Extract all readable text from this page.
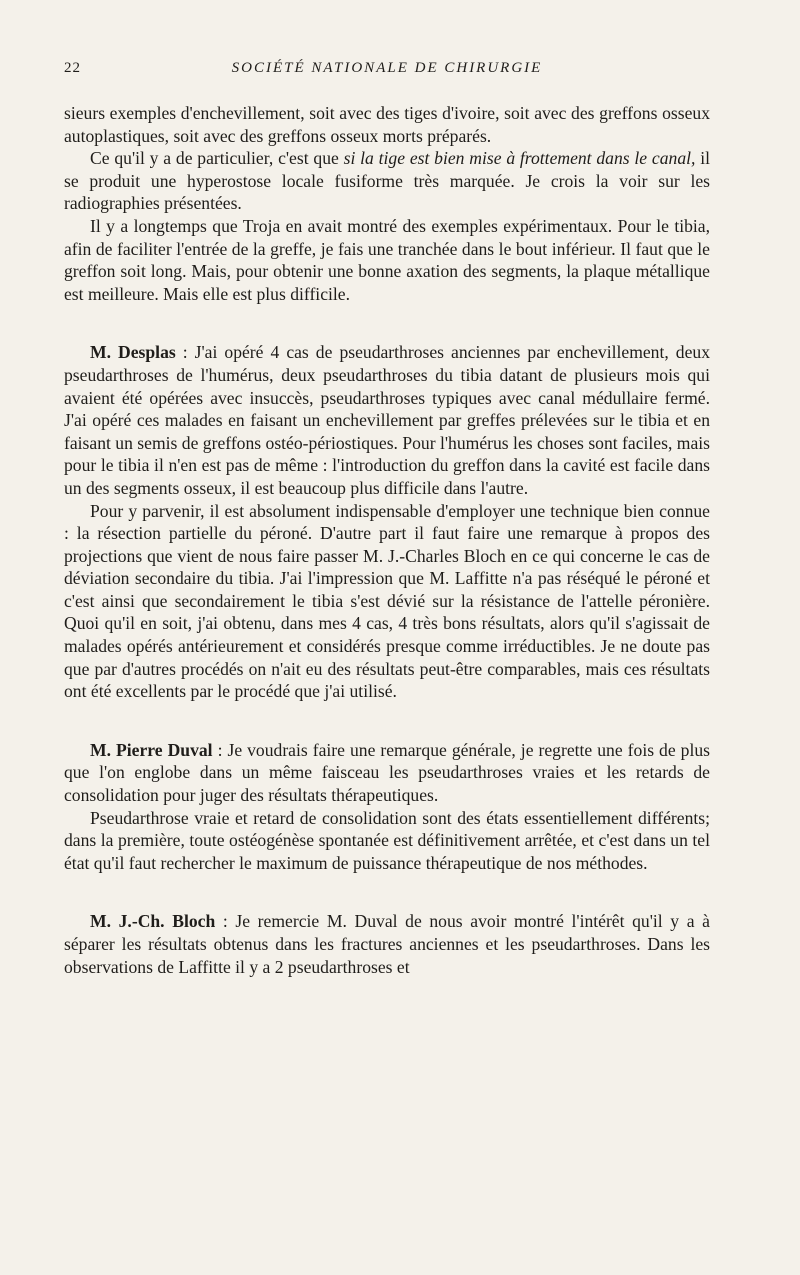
22	SOCIÉTÉ NATIONALE DE CHIRURGIE

sieurs exemples d'enchevillement, soit avec des tiges d'ivoire, soit avec des greffons osseux autoplastiques, soit avec des greffons osseux morts préparés.

Ce qu'il y a de particulier, c'est que si la tige est bien mise à frottement dans le canal, il se produit une hyperostose locale fusiforme très marquée. Je crois la voir sur les radiographies présentées.

Il y a longtemps que Troja en avait montré des exemples expérimentaux. Pour le tibia, afin de faciliter l'entrée de la greffe, je fais une tranchée dans le bout inférieur. Il faut que le greffon soit long. Mais, pour obtenir une bonne axation des segments, la plaque métallique est meilleure. Mais elle est plus difficile.

M. Desplas : J'ai opéré 4 cas de pseudarthroses anciennes par enchevillement, deux pseudarthroses de l'humérus, deux pseudarthroses du tibia datant de plusieurs mois qui avaient été opérées avec insuccès, pseudarthroses typiques avec canal médullaire fermé. J'ai opéré ces malades en faisant un enchevillement par greffes prélevées sur le tibia et en faisant un semis de greffons ostéo-périostiques. Pour l'humérus les choses sont faciles, mais pour le tibia il n'en est pas de même : l'introduction du greffon dans la cavité est facile dans un des segments osseux, il est beaucoup plus difficile dans l'autre.

Pour y parvenir, il est absolument indispensable d'employer une technique bien connue : la résection partielle du péroné. D'autre part il faut faire une remarque à propos des projections que vient de nous faire passer M. J.-Charles Bloch en ce qui concerne le cas de déviation secondaire du tibia. J'ai l'impression que M. Laffitte n'a pas réséqué le péroné et c'est ainsi que secondairement le tibia s'est dévié sur la résistance de l'attelle péronière. Quoi qu'il en soit, j'ai obtenu, dans mes 4 cas, 4 très bons résultats, alors qu'il s'agissait de malades opérés antérieurement et considérés presque comme irréductibles. Je ne doute pas que par d'autres procédés on n'ait eu des résultats peut-être comparables, mais ces résultats ont été excellents par le procédé que j'ai utilisé.

M. Pierre Duval : Je voudrais faire une remarque générale, je regrette une fois de plus que l'on englobe dans un même faisceau les pseudarthroses vraies et les retards de consolidation pour juger des résultats thérapeutiques.

Pseudarthrose vraie et retard de consolidation sont des états essentiellement différents; dans la première, toute ostéogénèse spontanée est définitivement arrêtée, et c'est dans un tel état qu'il faut rechercher le maximum de puissance thérapeutique de nos méthodes.

M. J.-Ch. Bloch : Je remercie M. Duval de nous avoir montré l'intérêt qu'il y a à séparer les résultats obtenus dans les fractures anciennes et les pseudarthroses. Dans les observations de Laffitte il y a 2 pseudarthroses et
